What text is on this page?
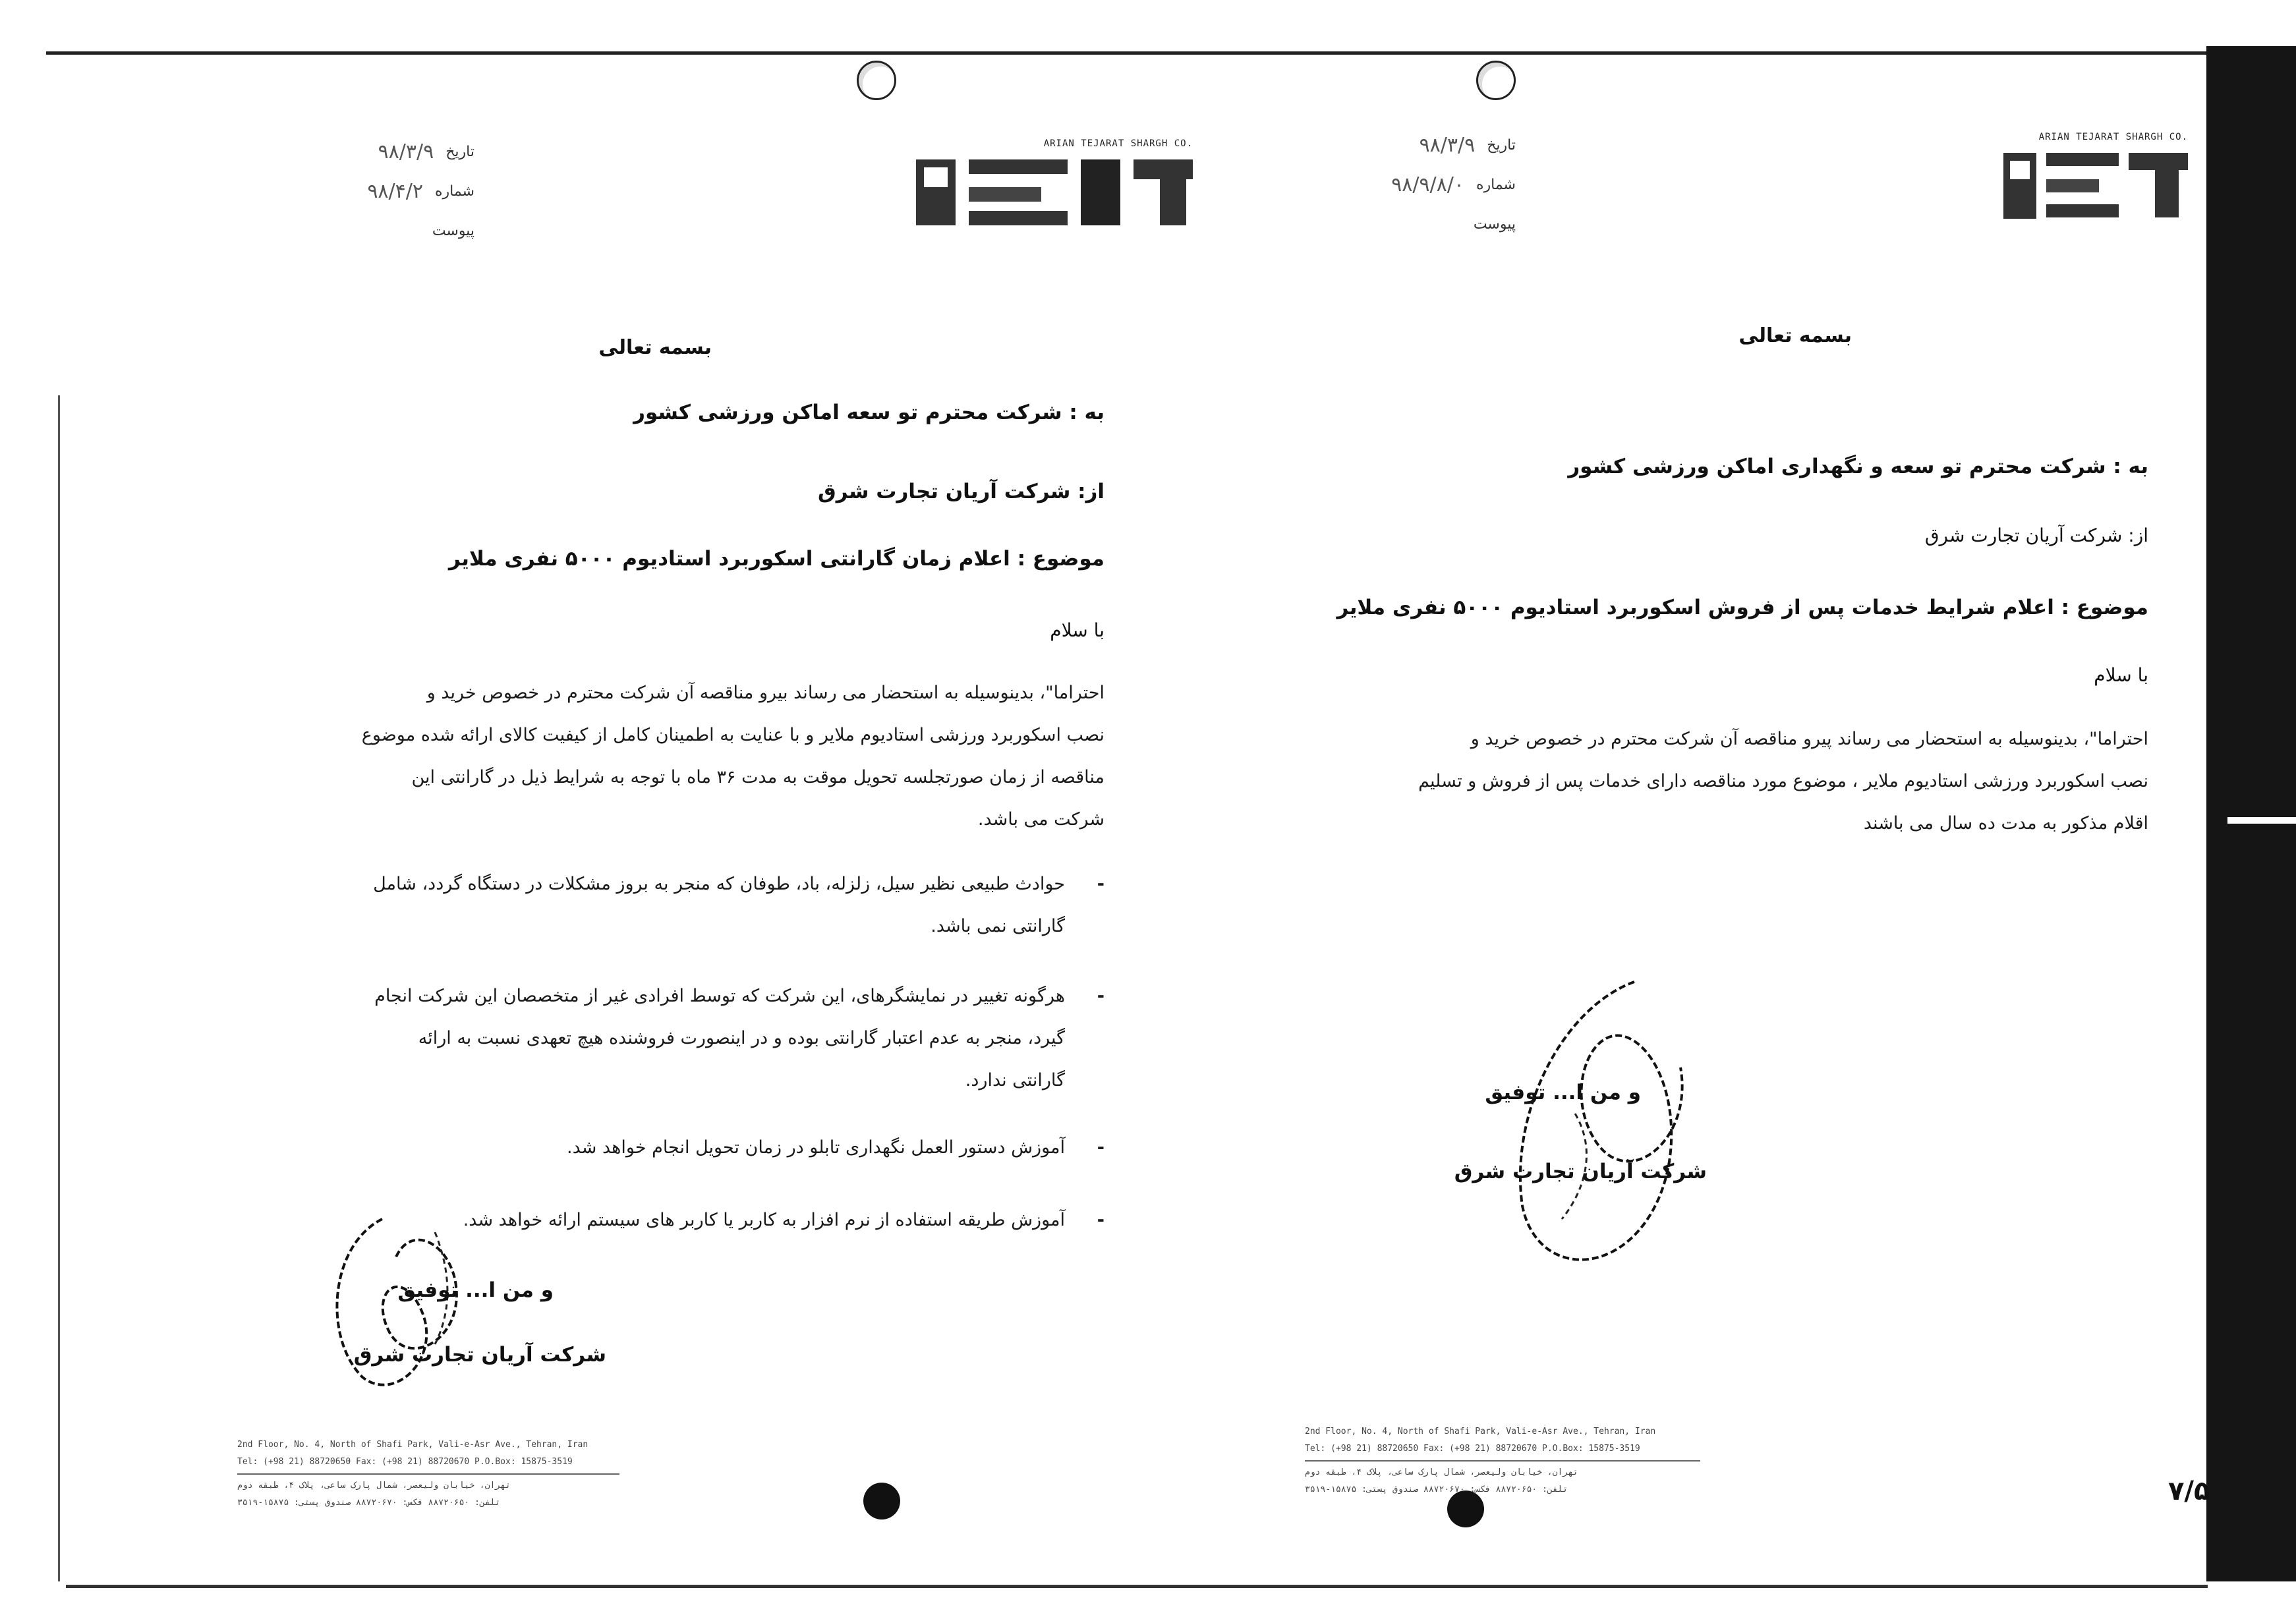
ARIAN TEJARAT SHARGH CO.
تاریخ
۹۸/۳/۹
شماره
۹۸/۴/۲
پیوست
بسمه تعالی
به : شرکت محترم تو سعه اماکن ورزشی کشور
از: شرکت آریان تجارت شرق
موضوع : اعلام زمان گارانتی اسکوربرد استادیوم ۵۰۰۰ نفری ملایر
با سلام
احتراما"، بدینوسیله به استحضار می رساند بیرو مناقصه آن شرکت محترم در خصوص خرید و
نصب اسکوربرد ورزشی استادیوم ملایر و با عنایت به اطمینان کامل از کیفیت کالای ارائه شده موضوع
مناقصه از زمان صورتجلسه تحویل موقت به مدت ۳۶ ماه با توجه به شرایط ذیل در گارانتی این
شرکت می باشد.
-
حوادث طبیعی نظیر سیل، زلزله، باد، طوفان که منجر به بروز مشکلات در دستگاه گردد، شامل
گارانتی نمی باشد.
-
هرگونه تغییر در نمایشگرهای، این شرکت که توسط افرادی غیر از متخصصان این شرکت انجام
گیرد، منجر به عدم اعتبار گارانتی بوده و در اینصورت فروشنده هیچ تعهدی نسبت به ارائه
گارانتی ندارد.
-
آموزش دستور العمل نگهداری تابلو در زمان تحویل انجام خواهد شد.
-
آموزش طریقه استفاده از نرم افزار به کاربر یا کاربر های سیستم ارائه خواهد شد.
و من ا... توفیق
شرکت آریان تجارت شرق
2nd Floor, No. 4, North of Shafi Park, Vali-e-Asr Ave., Tehran, Iran
Tel: (+98 21) 88720650 Fax: (+98 21) 88720670 P.O.Box: 15875-3519
تهران، خیابان ولیعصر، شمال پارک ساعی، پلاک ۴، طبقه دوم
تلفن: ۸۸۷۲۰۶۵۰ فکس: ۸۸۷۲۰۶۷۰ صندوق پستی: ۱۵۸۷۵-۳۵۱۹
ARIAN TEJARAT SHARGH CO.
تاریخ
۹۸/۳/۹
شماره
۹۸/۹/۸/۰
پیوست
بسمه تعالی
به : شرکت محترم تو سعه و نگهداری اماکن ورزشی کشور
از: شرکت آریان تجارت شرق
موضوع : اعلام شرایط خدمات پس از فروش اسکوربرد استادیوم ۵۰۰۰ نفری ملایر
با سلام
احتراما"، بدینوسیله به استحضار می رساند پیرو مناقصه آن شرکت محترم در خصوص خرید و
نصب اسکوربرد ورزشی استادیوم ملایر ، موضوع مورد مناقصه دارای خدمات پس از فروش و تسلیم
اقلام مذکور به مدت ده سال می باشند
و من ا... توفیق
شرکت آریان تجارت شرق
2nd Floor, No. 4, North of Shafi Park, Vali-e-Asr Ave., Tehran, Iran
Tel: (+98 21) 88720650 Fax: (+98 21) 88720670 P.O.Box: 15875-3519
تهران، خیابان ولیعصر، شمال پارک ساعی، پلاک ۴، طبقه دوم
تلفن: ۸۸۷۲۰۶۵۰ فکس: ۸۸۷۲۰۶۷۰ صندوق پستی: ۱۵۸۷۵-۳۵۱۹	۷/۵
